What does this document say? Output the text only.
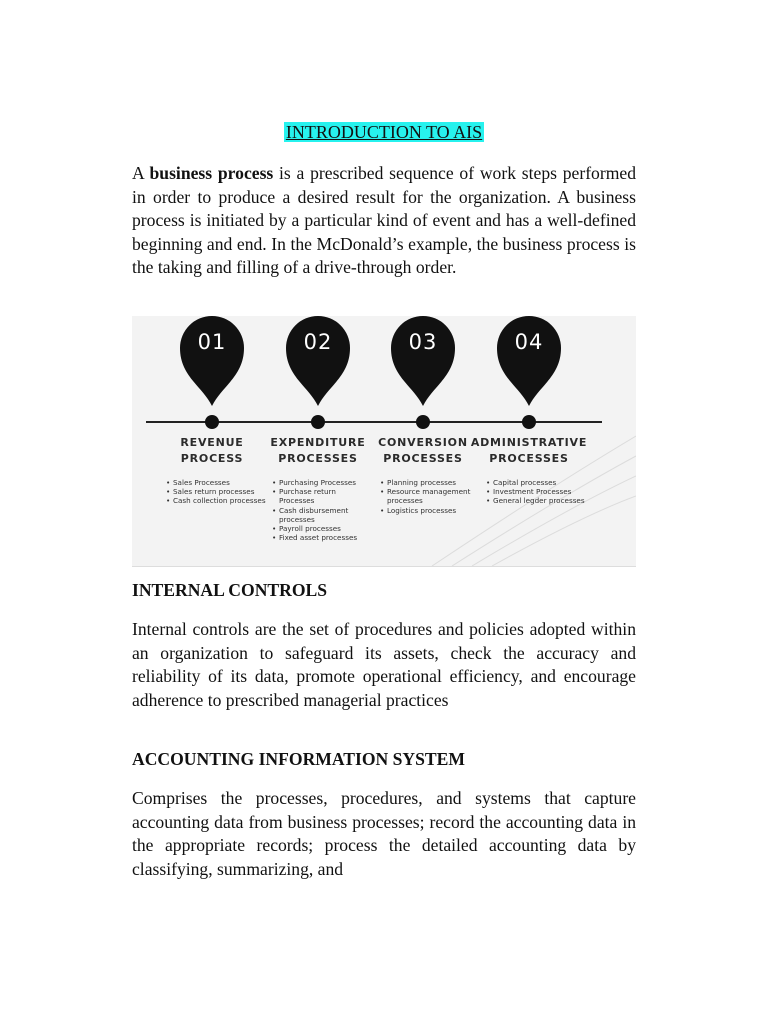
INTRODUCTION TO AIS

A business process is a prescribed sequence of work steps performed in order to produce a desired result for the organization. A business process is initiated by a particular kind of event and has a well-defined beginning and end. In the McDonald’s example, the business process is the taking and filling of a drive-through order.

INTERNAL CONTROLS

Internal controls are the set of procedures and policies adopted within an organization to safeguard its assets, check the accuracy and reliability of its data, promote operational efficiency, and encourage adherence to prescribed managerial practices

ACCOUNTING INFORMATION SYSTEM

Comprises the processes, procedures, and systems that capture accounting data from business processes; record the accounting data in the appropriate records; process the detailed accounting data by classifying, summarizing, and

01	02	03	04
REVENUE
PROCESS
EXPENDITURE
PROCESSES
CONVERSION
PROCESSES
ADMINISTRATIVE
PROCESSES
• Sales Processes
• Sales return processes
• Cash collection processes
• Purchasing Processes
• Purchase return Processes
• Cash disbursement processes
• Payroll processes
• Fixed asset processes
• Planning processes
• Resource management processes
• Logistics processes
• Capital processes
• Investment Processes
• General legder processes
